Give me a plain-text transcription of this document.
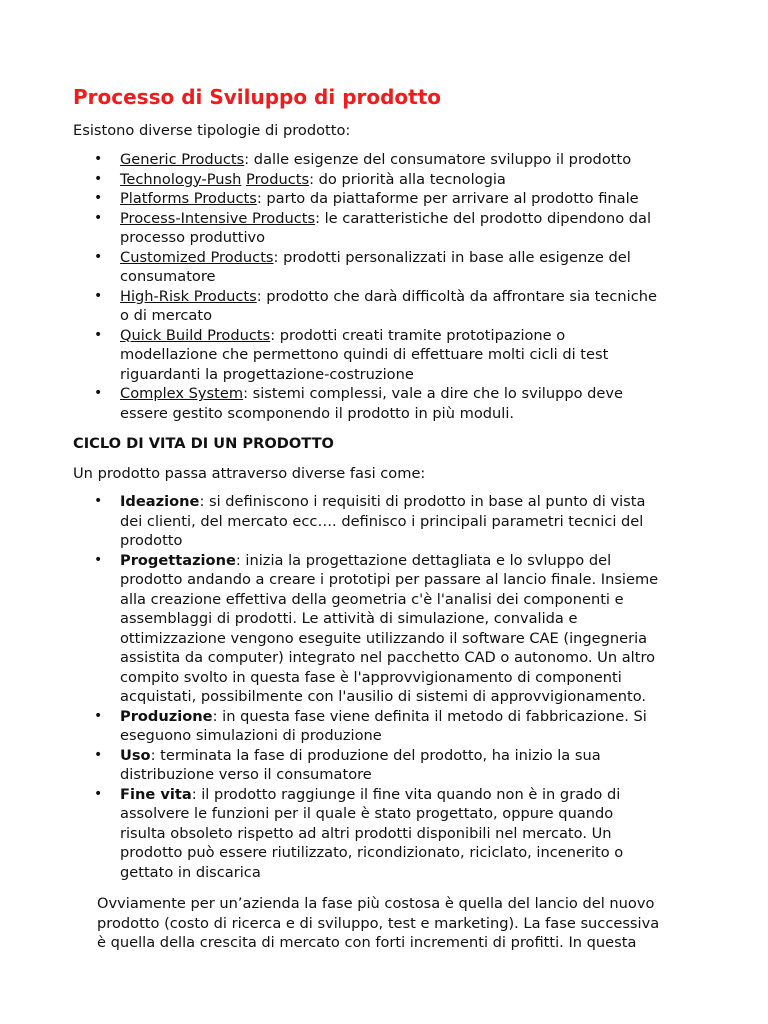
Processo di Sviluppo di prodotto

Esistono diverse tipologie di prodotto:

• Generic Products: dalle esigenze del consumatore sviluppo il prodotto
• Technology-Push Products: do priorità alla tecnologia
• Platforms Products: parto da piattaforme per arrivare al prodotto finale
• Process-Intensive Products: le caratteristiche del prodotto dipendono dal
processo produttivo
• Customized Products: prodotti personalizzati in base alle esigenze del
consumatore
• High-Risk Products: prodotto che darà difficoltà da affrontare sia tecniche
o di mercato
• Quick Build Products: prodotti creati tramite prototipazione o
modellazione che permettono quindi di effettuare molti cicli di test
riguardanti la progettazione-costruzione
• Complex System: sistemi complessi, vale a dire che lo sviluppo deve
essere gestito scomponendo il prodotto in più moduli.
CICLO DI VITA DI UN PRODOTTO

Un prodotto passa attraverso diverse fasi come:

• Ideazione: si definiscono i requisiti di prodotto in base al punto di vista
dei clienti, del mercato ecc…. definisco i principali parametri tecnici del
prodotto
• Progettazione: inizia la progettazione dettagliata e lo svluppo del
prodotto andando a creare i prototipi per passare al lancio finale. Insieme
alla creazione effettiva della geometria c'è l'analisi dei componenti e
assemblaggi di prodotti. Le attività di simulazione, convalida e
ottimizzazione vengono eseguite utilizzando il software CAE (ingegneria
assistita da computer) integrato nel pacchetto CAD o autonomo. Un altro
compito svolto in questa fase è l'approvvigionamento di componenti
acquistati, possibilmente con l'ausilio di sistemi di approvvigionamento.
• Produzione: in questa fase viene definita il metodo di fabbricazione. Si
eseguono simulazioni di produzione
• Uso: terminata la fase di produzione del prodotto, ha inizio la sua
distribuzione verso il consumatore
• Fine vita: il prodotto raggiunge il fine vita quando non è in grado di
assolvere le funzioni per il quale è stato progettato, oppure quando
risulta obsoleto rispetto ad altri prodotti disponibili nel mercato. Un
prodotto può essere riutilizzato, ricondizionato, riciclato, incenerito o
gettato in discarica

Ovviamente per un’azienda la fase più costosa è quella del lancio del nuovo
prodotto (costo di ricerca e di sviluppo, test e marketing). La fase successiva
è quella della crescita di mercato con forti incrementi di profitti. In questa
